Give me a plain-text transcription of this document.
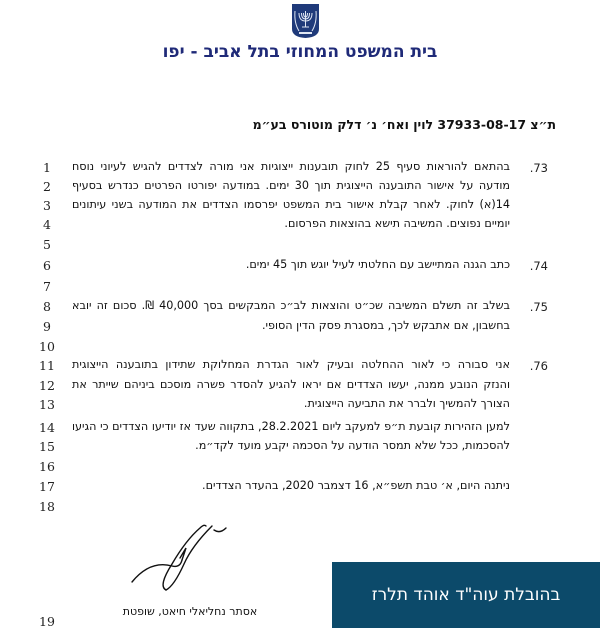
בית המשפט המחוזי בתל אביב - יפו
ת״צ 37933-08-17 לוין ואח׳ נ׳ דלק מוטורס בע״מ
1
2
3
4
5
6
7
8
9
10
11
12
13
14
15
16
17
18
19
.73
בהתאם להוראות סעיף 25 לחוק תובענות ייצוגיות אני מורה לצדדים להגיש לעיוני נוסח
מודעה על אישור התובענה הייצוגית תוך 30 ימים. במודעה יפורטו הפרטים כנדרש בסעיף
14(א) לחוק. לאחר קבלת אישור בית המשפט יפרסמו הצדדים את המודעה בשני עיתונים
יומיים נפוצים. המשיבה תישא בהוצאות הפרסום.
.74
כתב הגנה המתיישב עם החלטתי לעיל יוגש תוך 45 ימים.
.75
בשלב זה תשלם המשיבה שכ״ט והוצאות לב״כ המבקשים בסך 40,000 ₪. סכום זה יובא
בחשבון, אם אתבקש לכך, במסגרת פסק הדין הסופי.
.76
אני סבורה כי לאור ההחלטה ובעיק לאור הגדרת המחלוקת שתידון בתובענה הייצוגית
והנזק הנובע ממנה, יעשו הצדדים אם יראו להגיע להסדר פשרה מוסכם ביניהם שייתר את
הצורך להמשיך ולברר את התביעה הייצוגית.
למען הזהירות קובעת ת״פ למעקב ליום 28.2.2021, בתקווה שעד אז יודיעו הצדדים כי הגיעו
להסכמות, ככל שלא תמסר הודעה על הסכמה יקבע מועד לקד״מ.
ניתנה היום, א׳ טבת תשפ״א, 16 דצמבר 2020, בהעדר הצדדים.
אסתר נחליאלי חיאט, שופטת
בהובלת עוה"ד אוהד תלרז
